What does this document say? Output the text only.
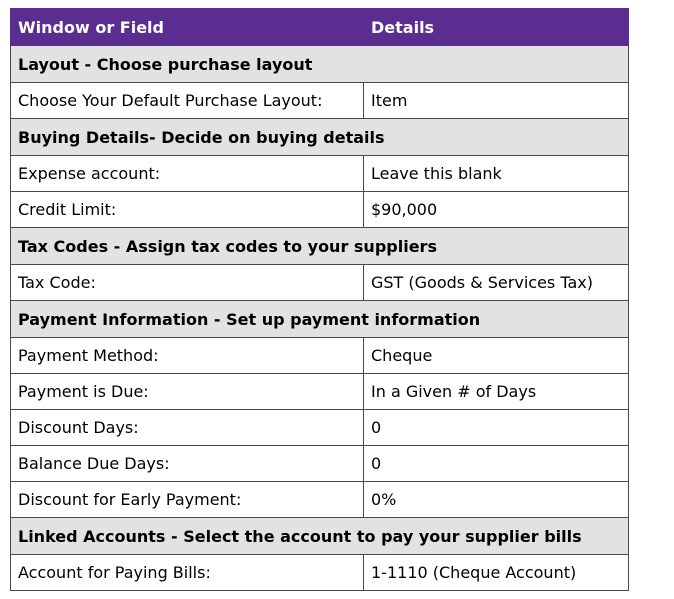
Window or Field	Details
Layout - Choose purchase layout	
Choose Your Default Purchase Layout:	Item
Buying Details- Decide on buying details	
Expense account:	Leave this blank
Credit Limit:	$90,000
Tax Codes - Assign tax codes to your suppliers	
Tax Code:	GST (Goods & Services Tax)
Payment Information - Set up payment information	
Payment Method:	Cheque
Payment is Due:	In a Given # of Days
Discount Days:	0
Balance Due Days:	0
Discount for Early Payment:	0%
Linked Accounts - Select the account to pay your supplier bills	
Account for Paying Bills:	1-1110 (Cheque Account)
